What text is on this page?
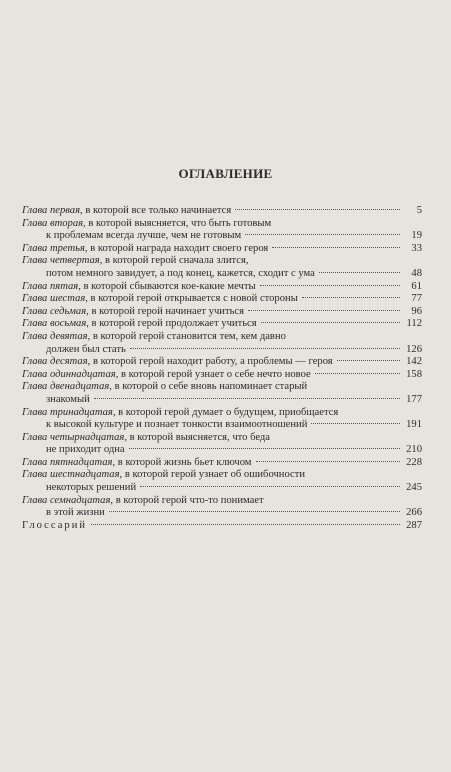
ОГЛАВЛЕНИЕ
Глава первая , в которой все только начинается	5
Глава вторая , в которой выясняется, что быть готовым
к проблемам всегда лучше, чем не готовым	19
Глава третья , в которой награда находит своего героя	33
Глава четвертая , в которой герой сначала злится,
потом немного завидует, а под конец, кажется, сходит с ума	48
Глава пятая , в которой сбываются кое-какие мечты	61
Глава шестая , в которой герой открывается с новой стороны	77
Глава седьмая , в которой герой начинает учиться	96
Глава восьмая , в которой герой продолжает учиться	112
Глава девятая , в которой герой становится тем, кем давно
должен был стать	126
Глава десятая , в которой герой находит работу, а проблемы — героя	142
Глава одиннадцатая , в которой герой узнает о себе нечто новое	158
Глава двенадцатая , в которой о себе вновь напоминает старый
знакомый	177
Глава тринадцатая , в которой герой думает о будущем, приобщается
к высокой культуре и познает тонкости взаимоотношений	191
Глава четырнадцатая , в которой выясняется, что беда
не приходит одна	210
Глава пятнадцатая , в которой жизнь бьет ключом	228
Глава шестнадцатая , в которой герой узнает об ошибочности
некоторых решений	245
Глава семнадцатая , в которой герой что-то понимает
в этой жизни	266
Глоссарий	287
